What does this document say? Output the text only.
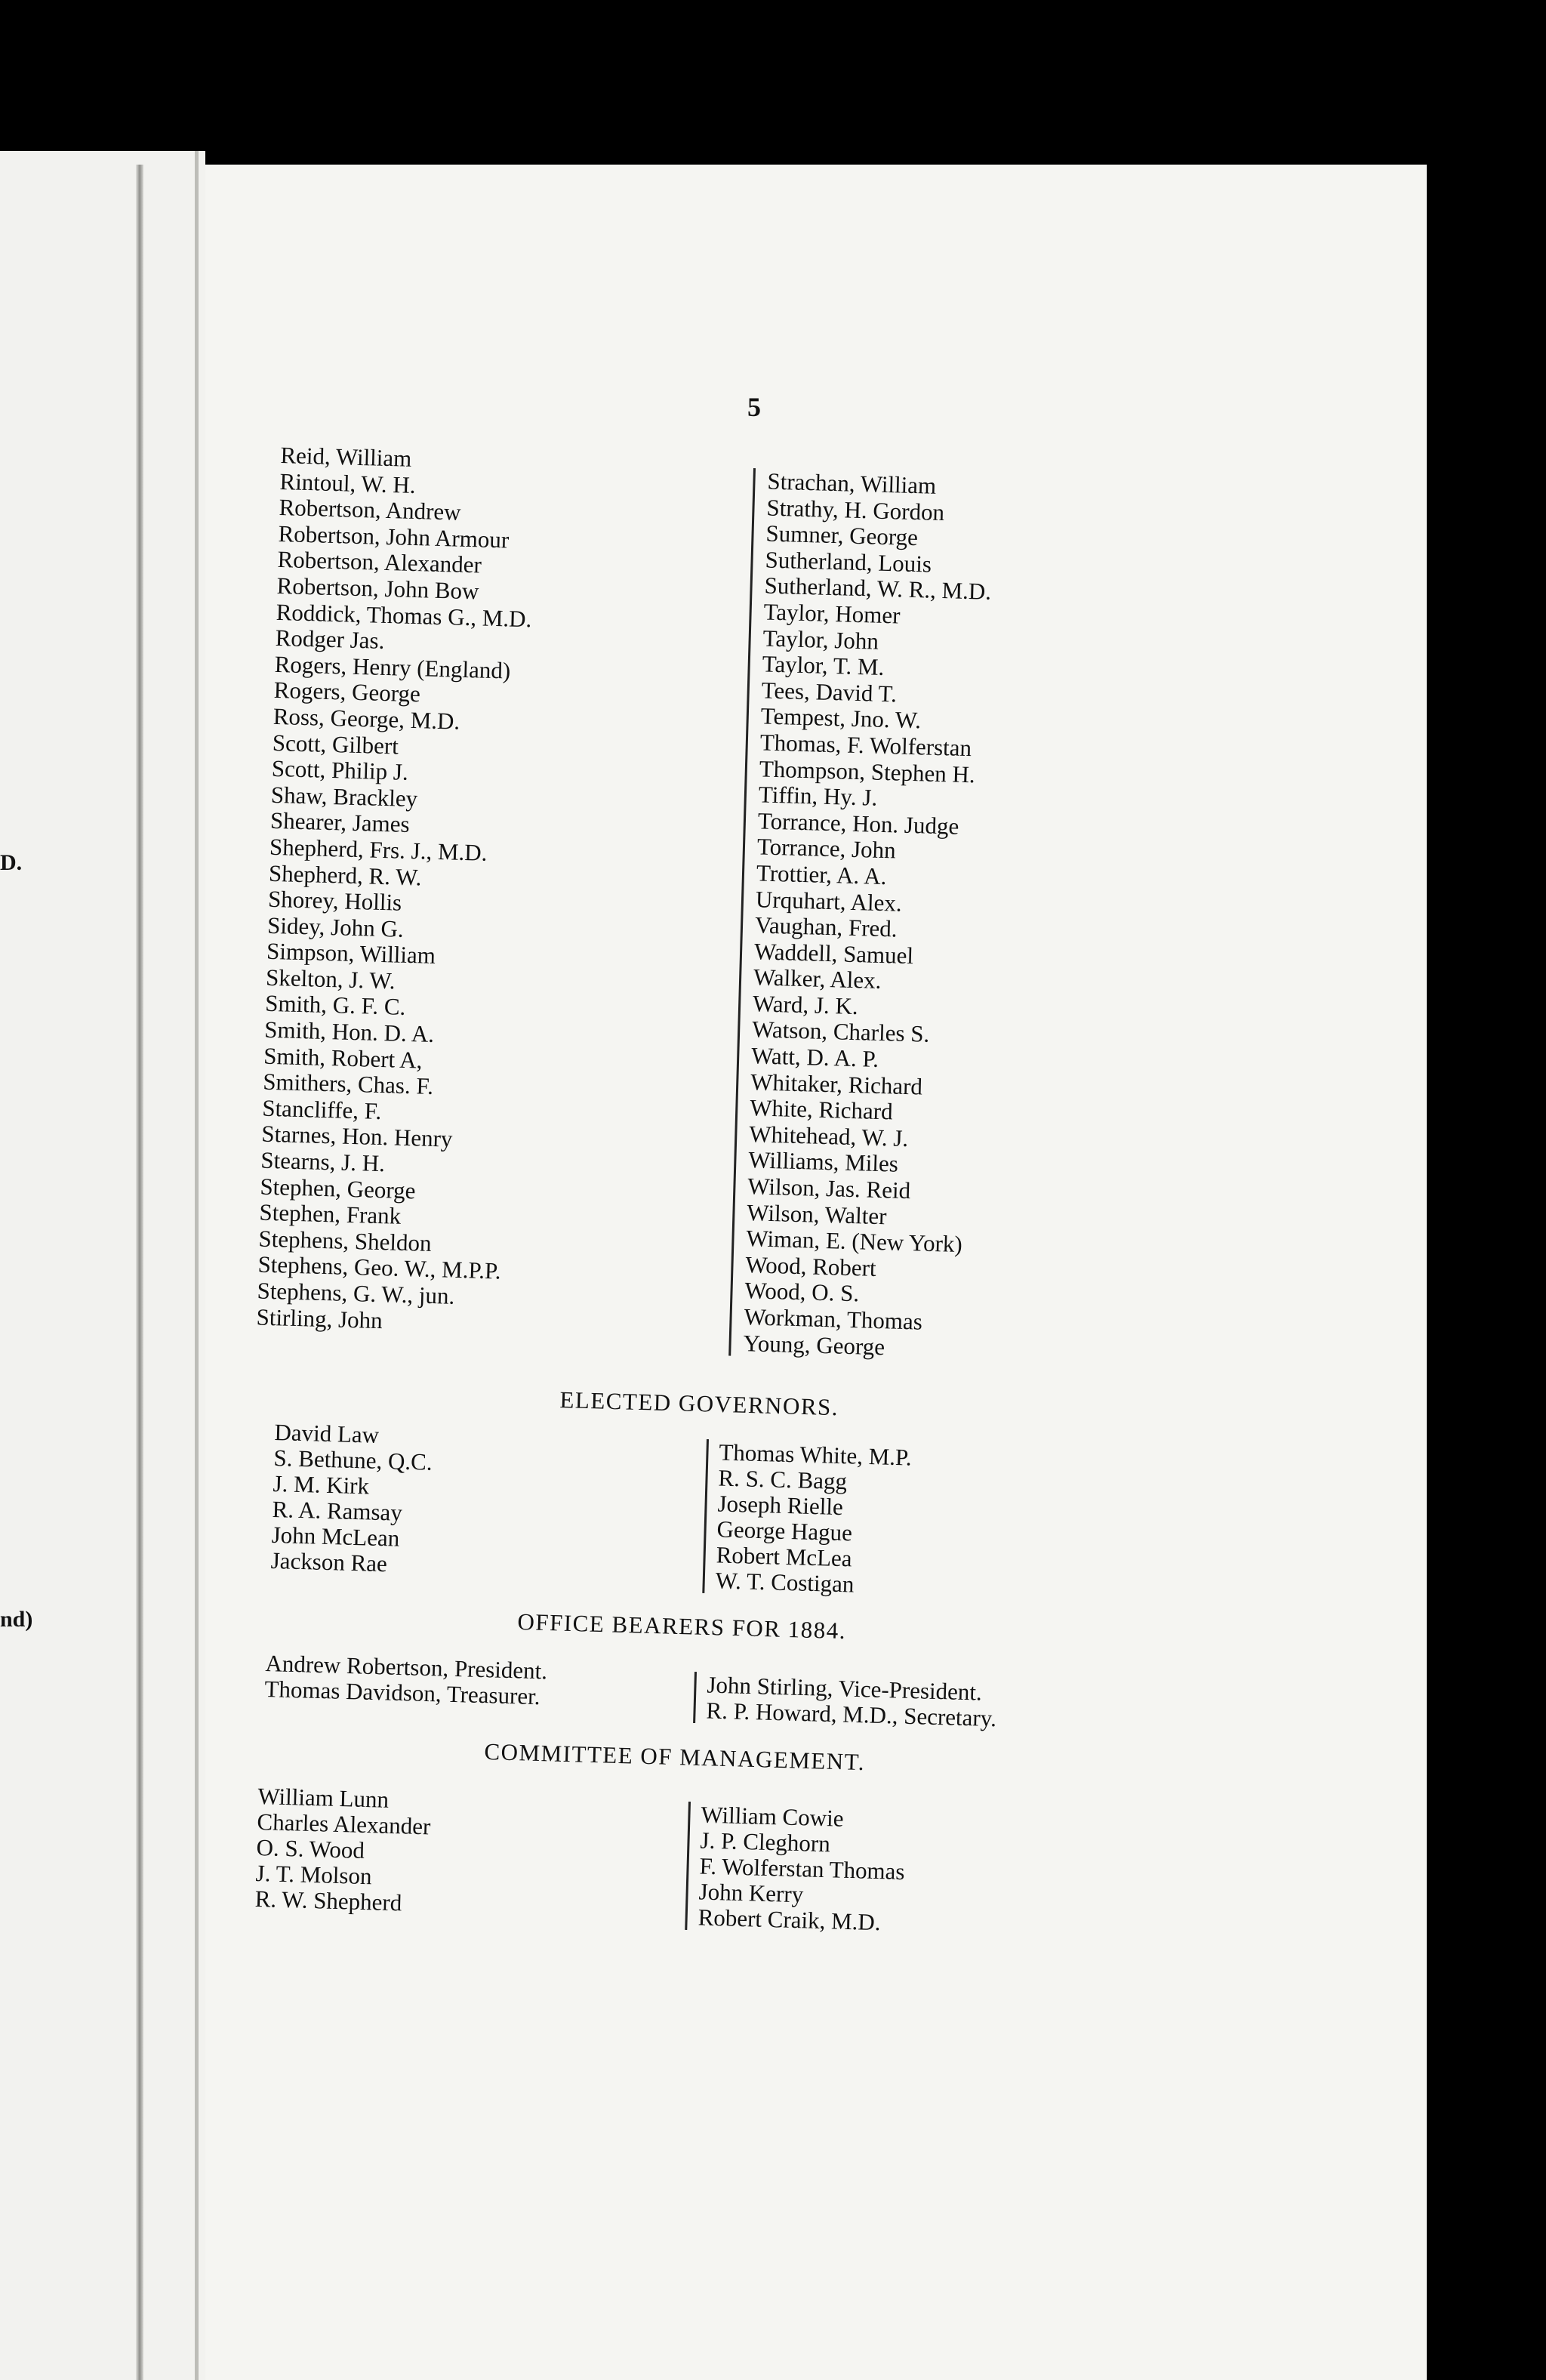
D.
nd)
5
Reid, William
Rintoul, W. H.
Robertson, Andrew
Robertson, John Armour
Robertson, Alexander
Robertson, John Bow
Roddick, Thomas G., M.D.
Rodger Jas.
Rogers, Henry (England)
Rogers, George
Ross, George, M.D.
Scott, Gilbert
Scott, Philip J.
Shaw, Brackley
Shearer, James
Shepherd, Frs. J., M.D.
Shepherd, R. W.
Shorey, Hollis
Sidey, John G.
Simpson, William
Skelton, J. W.
Smith, G. F. C.
Smith, Hon. D. A.
Smith, Robert A,
Smithers, Chas. F.
Stancliffe, F.
Starnes, Hon. Henry
Stearns, J. H.
Stephen, George
Stephen, Frank
Stephens, Sheldon
Stephens, Geo. W., M.P.P.
Stephens, G. W., jun.
Stirling, John
Strachan, William
Strathy, H. Gordon
Sumner, George
Sutherland, Louis
Sutherland, W. R., M.D.
Taylor, Homer
Taylor, John
Taylor, T. M.
Tees, David T.
Tempest, Jno. W.
Thomas, F. Wolferstan
Thompson, Stephen H.
Tiffin, Hy. J.
Torrance, Hon. Judge
Torrance, John
Trottier, A. A.
Urquhart, Alex.
Vaughan, Fred.
Waddell, Samuel
Walker, Alex.
Ward, J. K.
Watson, Charles S.
Watt, D. A. P.
Whitaker, Richard
White, Richard
Whitehead, W. J.
Williams, Miles
Wilson, Jas. Reid
Wilson, Walter
Wiman, E. (New York)
Wood, Robert
Wood, O. S.
Workman, Thomas
Young, George
ELECTED GOVERNORS.
David Law
S. Bethune, Q.C.
J. M. Kirk
R. A. Ramsay
John McLean
Jackson Rae
Thomas White, M.P.
R. S. C. Bagg
Joseph Rielle
George Hague
Robert McLea
W. T. Costigan
OFFICE BEARERS FOR 1884.
Andrew Robertson, President.
Thomas Davidson, Treasurer.	John Stirling, Vice-President.
R. P. Howard, M.D., Secretary.
COMMITTEE OF MANAGEMENT.
William Lunn
Charles Alexander
O. S. Wood
J. T. Molson
R. W. Shepherd
William Cowie
J. P. Cleghorn
F. Wolferstan Thomas
John Kerry
Robert Craik, M.D.
